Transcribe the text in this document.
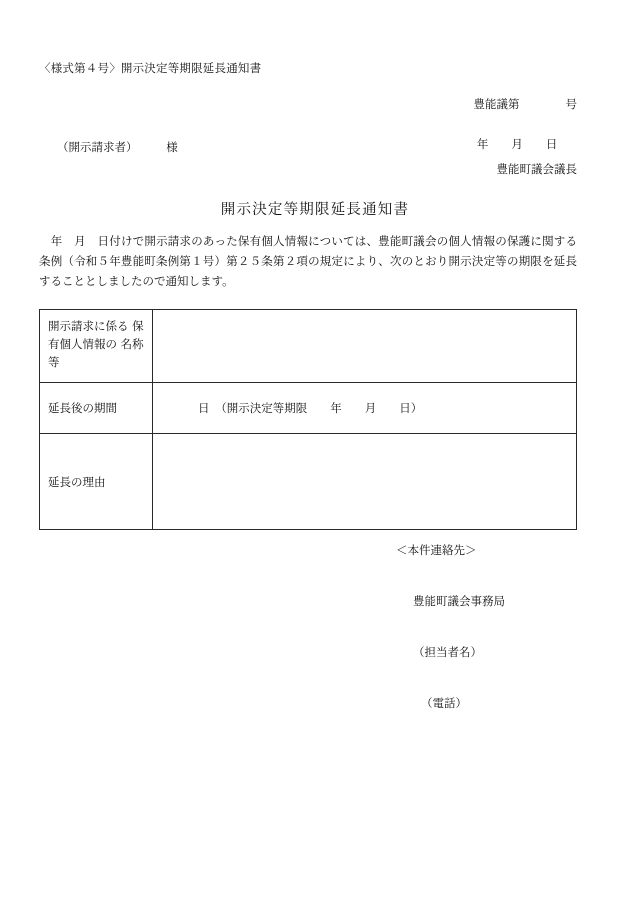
〈様式第４号〉開示決定等期限延長通知書

豊能議第　　　　号

年　　月　　日

（開示請求者）　　　様
豊能町議会議長
開示決定等期限延長通知書

　年　月　日付けで開示請求のあった保有個人情報については、豊能町議会の個人情報の保護に関する条例（令和５年豊能町条例第１号）第２５条第２項の規定により、次のとおり開示決定等の期限を延長することとしましたので通知します。

開示請求に係る 保有個人情報の 名称等	
延長後の期間	日　（開示決定等期限　　年　　月　　日）
延長の理由	

＜本件連絡先＞

豊能町議会事務局

（担当者名）

（電話）
